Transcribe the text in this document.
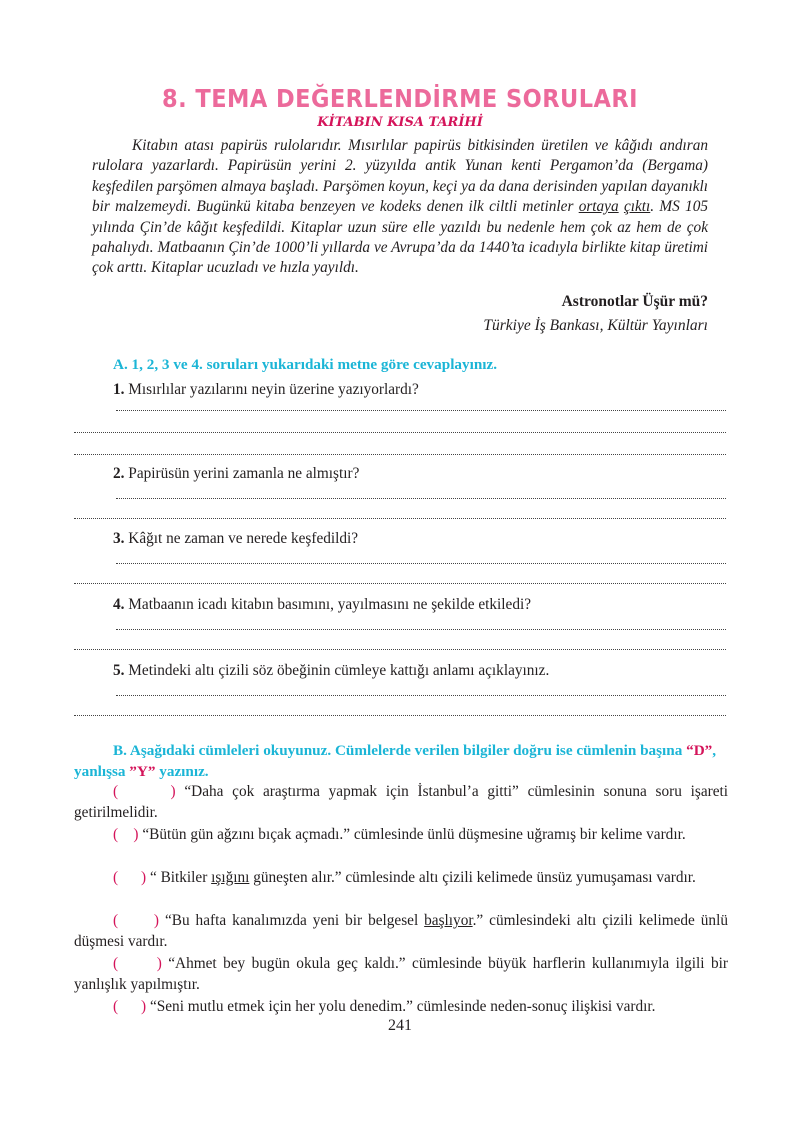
8. TEMA DEĞERLENDİRME SORULARI
KİTABIN KISA TARİHİ

Kitabın atası papirüs rulolarıdır. Mısırlılar papirüs bitkisinden üretilen ve kâğıdı andıran rulolara yazarlardı. Papirüsün yerini 2. yüzyılda antik Yunan kenti Pergamon’da (Bergama) keşfedilen parşömen almaya başladı. Parşömen koyun, keçi ya da dana derisinden yapılan dayanıklı bir malzemeydi. Bugünkü kitaba benzeyen ve kodeks denen ilk ciltli metinler ortaya çıktı. MS 105 yılında Çin’de kâğıt keşfedildi. Kitaplar uzun süre elle yazıldı bu nedenle hem çok az hem de çok pahalıydı. Matbaanın Çin’de 1000’li yıllarda ve Avrupa’da da 1440’ta icadıyla birlikte kitap üretimi çok arttı. Kitaplar ucuzladı ve hızla yayıldı.

Astronotlar Üşür mü?
Türkiye İş Bankası, Kültür Yayınları
A. 1, 2, 3 ve 4. soruları yukarıdaki metne göre cevaplayınız.
1. Mısırlılar yazılarını neyin üzerine yazıyorlardı?
2. Papirüsün yerini zamanla ne almıştır?
3. Kâğıt ne zaman ve nerede keşfedildi?
4. Matbaanın icadı kitabın basımını, yayılmasını ne şekilde etkiledi?
5. Metindeki altı çizili söz öbeğinin cümleye kattığı anlamı açıklayınız.

B. Aşağıdaki cümleleri okuyunuz. Cümlelerde verilen bilgiler doğru ise cümlenin başına “D”, yanlışsa ”Y” yazınız.

(      ) “Daha çok araştırma yapmak için İstanbul’a gitti” cümlesinin sonuna soru işareti getirilmelidir.

(    ) “Bütün gün ağzını bıçak açmadı.” cümlesinde ünlü düşmesine uğramış bir kelime vardır.

(      ) “ Bitkiler ışığını güneşten alır.” cümlesinde altı çizili kelimede ünsüz yumuşaması vardır.

(      ) “Bu hafta kanalımızda yeni bir belgesel başlıyor.” cümlesindeki altı çizili kelimede ünlü düşmesi vardır.

(      ) “Ahmet bey bugün okula geç kaldı.” cümlesinde büyük harflerin kullanımıyla ilgili bir yanlışlık yapılmıştır.

(      ) “Seni mutlu etmek için her yolu denedim.” cümlesinde neden-sonuç ilişkisi vardır.

241
